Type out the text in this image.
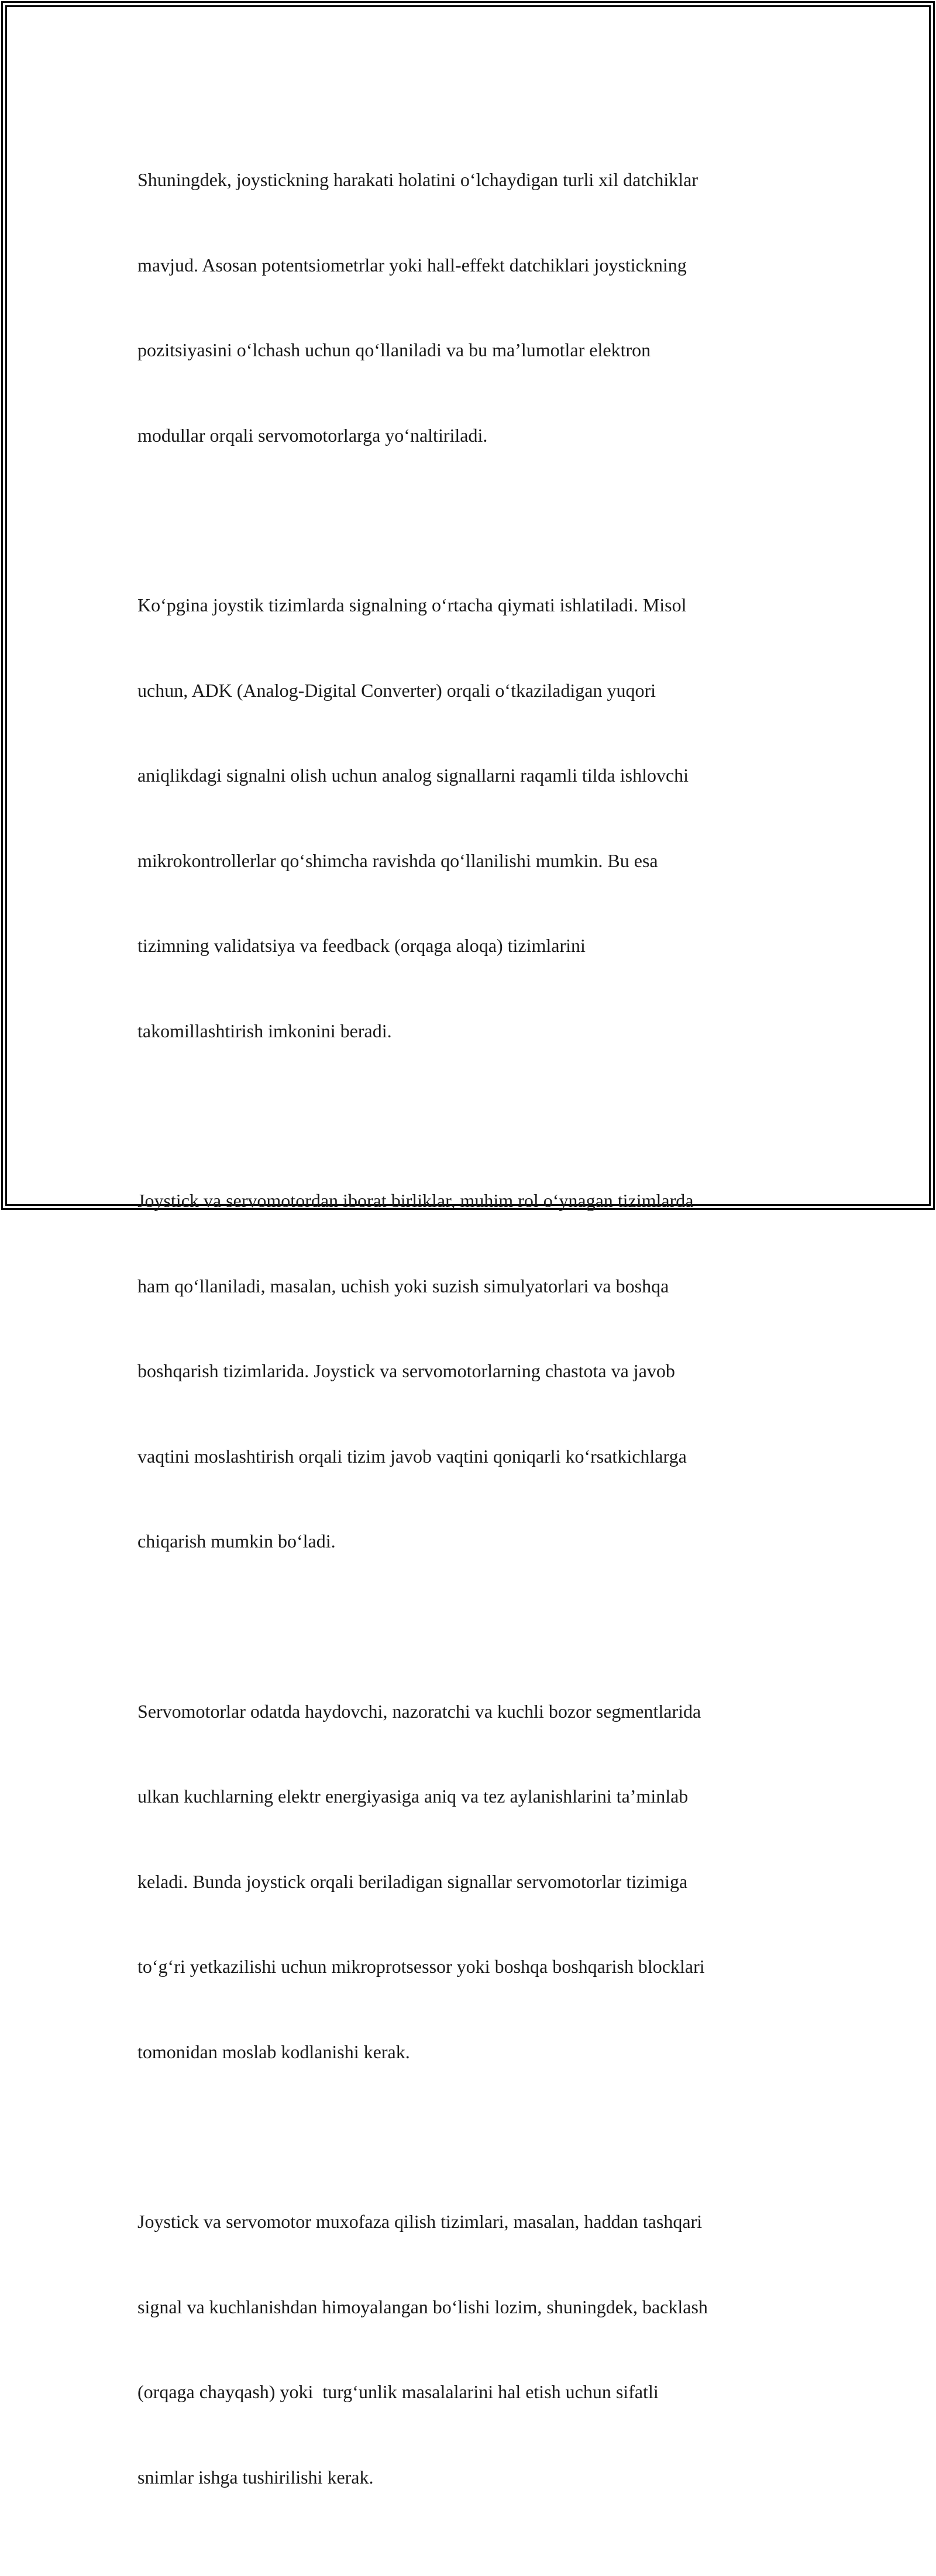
Shuningdek, joystickning harakati holatini o‘lchaydigan turli xil datchiklar

mavjud. Asosan potentsiometrlar yoki hall-effekt datchiklari joystickning

pozitsiyasini o‘lchash uchun qo‘llaniladi va bu ma’lumotlar elektron

modullar orqali servomotorlarga yo‘naltiriladi.

Ko‘pgina joystik tizimlarda signalning o‘rtacha qiymati ishlatiladi. Misol

uchun, ADK (Analog-Digital Converter) orqali o‘tkaziladigan yuqori

aniqlikdagi signalni olish uchun analog signallarni raqamli tilda ishlovchi

mikrokontrollerlar qo‘shimcha ravishda qo‘llanilishi mumkin. Bu esa

tizimning validatsiya va feedback (orqaga aloqa) tizimlarini

takomillashtirish imkonini beradi.

Joystick va servomotordan iborat birliklar, muhim rol o‘ynagan tizimlarda

ham qo‘llaniladi, masalan, uchish yoki suzish simulyatorlari va boshqa

boshqarish tizimlarida. Joystick va servomotorlarning chastota va javob

vaqtini moslashtirish orqali tizim javob vaqtini qoniqarli ko‘rsatkichlarga

chiqarish mumkin bo‘ladi.

Servomotorlar odatda haydovchi, nazoratchi va kuchli bozor segmentlarida

ulkan kuchlarning elektr energiyasiga aniq va tez aylanishlarini ta’minlab

keladi. Bunda joystick orqali beriladigan signallar servomotorlar tizimiga

to‘g‘ri yetkazilishi uchun mikroprotsessor yoki boshqa boshqarish blocklari

tomonidan moslab kodlanishi kerak.

Joystick va servomotor muxofaza qilish tizimlari, masalan, haddan tashqari

signal va kuchlanishdan himoyalangan bo‘lishi lozim, shuningdek, backlash

(orqaga chayqash) yoki  turg‘unlik masalalarini hal etish uchun sifatli

snimlar ishga tushirilishi kerak.
